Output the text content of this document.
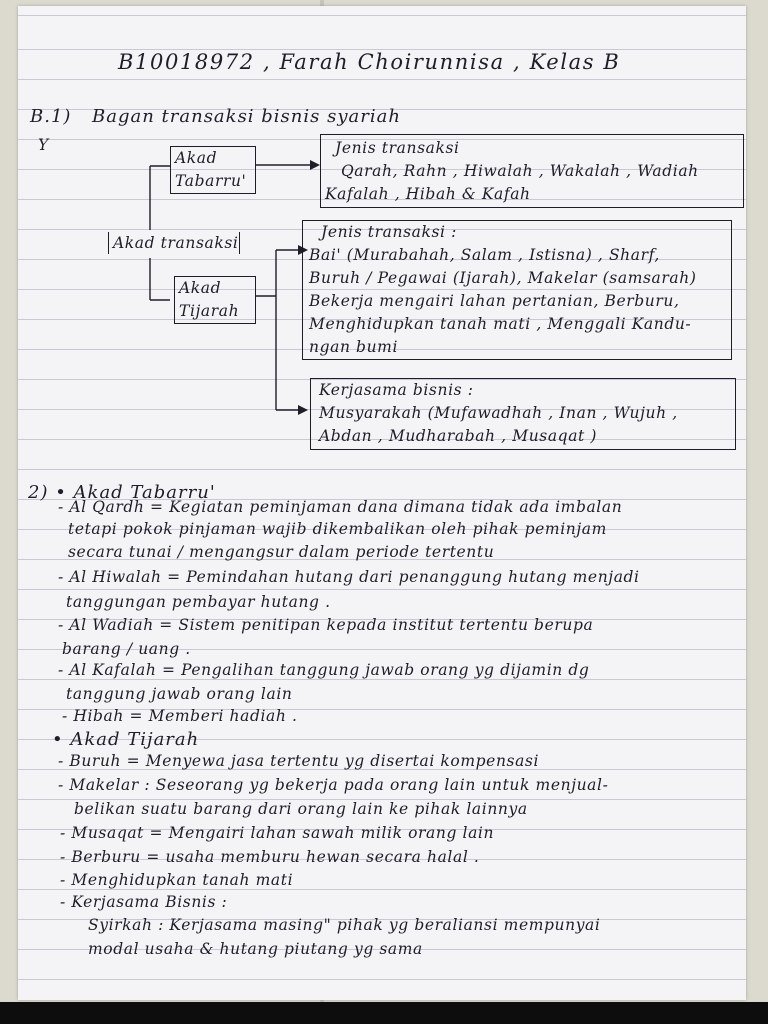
B10018972 , Farah Choirunnisa , Kelas B
B.1) Bagan transaksi bisnis syariah
Y
Akad transaksi
Akad
Tabarru'
Akad
Tijarah
Jenis transaksi
Qarah, Rahn , Hiwalah , Wakalah , Wadiah
Kafalah , Hibah & Kafah
Jenis transaksi :
Bai' (Murabahah, Salam , Istisna) , Sharf,
Buruh / Pegawai (Ijarah), Makelar (samsarah)
Bekerja mengairi lahan pertanian, Berburu,
Menghidupkan tanah mati , Menggali Kandu-
ngan bumi
Kerjasama bisnis :
Musyarakah (Mufawadhah , Inan , Wujuh ,
Abdan , Mudharabah , Musaqat )
2) • Akad Tabarru'
- Al Qardh = Kegiatan peminjaman dana dimana tidak ada imbalan
tetapi pokok pinjaman wajib dikembalikan oleh pihak peminjam
secara tunai / mengangsur dalam periode tertentu
- Al Hiwalah = Pemindahan hutang dari penanggung hutang menjadi
tanggungan pembayar hutang .
- Al Wadiah = Sistem penitipan kepada institut tertentu berupa
barang / uang .
- Al Kafalah = Pengalihan tanggung jawab orang yg dijamin dg
tanggung jawab orang lain
- Hibah = Memberi hadiah .
• Akad Tijarah
- Buruh = Menyewa jasa tertentu yg disertai kompensasi
- Makelar : Seseorang yg bekerja pada orang lain untuk menjual-
belikan suatu barang dari orang lain ke pihak lainnya
- Musaqat = Mengairi lahan sawah milik orang lain
- Berburu = usaha memburu hewan secara halal .
- Menghidupkan tanah mati
- Kerjasama Bisnis :
Syirkah : Kerjasama masing" pihak yg beraliansi mempunyai
modal usaha & hutang piutang yg sama
